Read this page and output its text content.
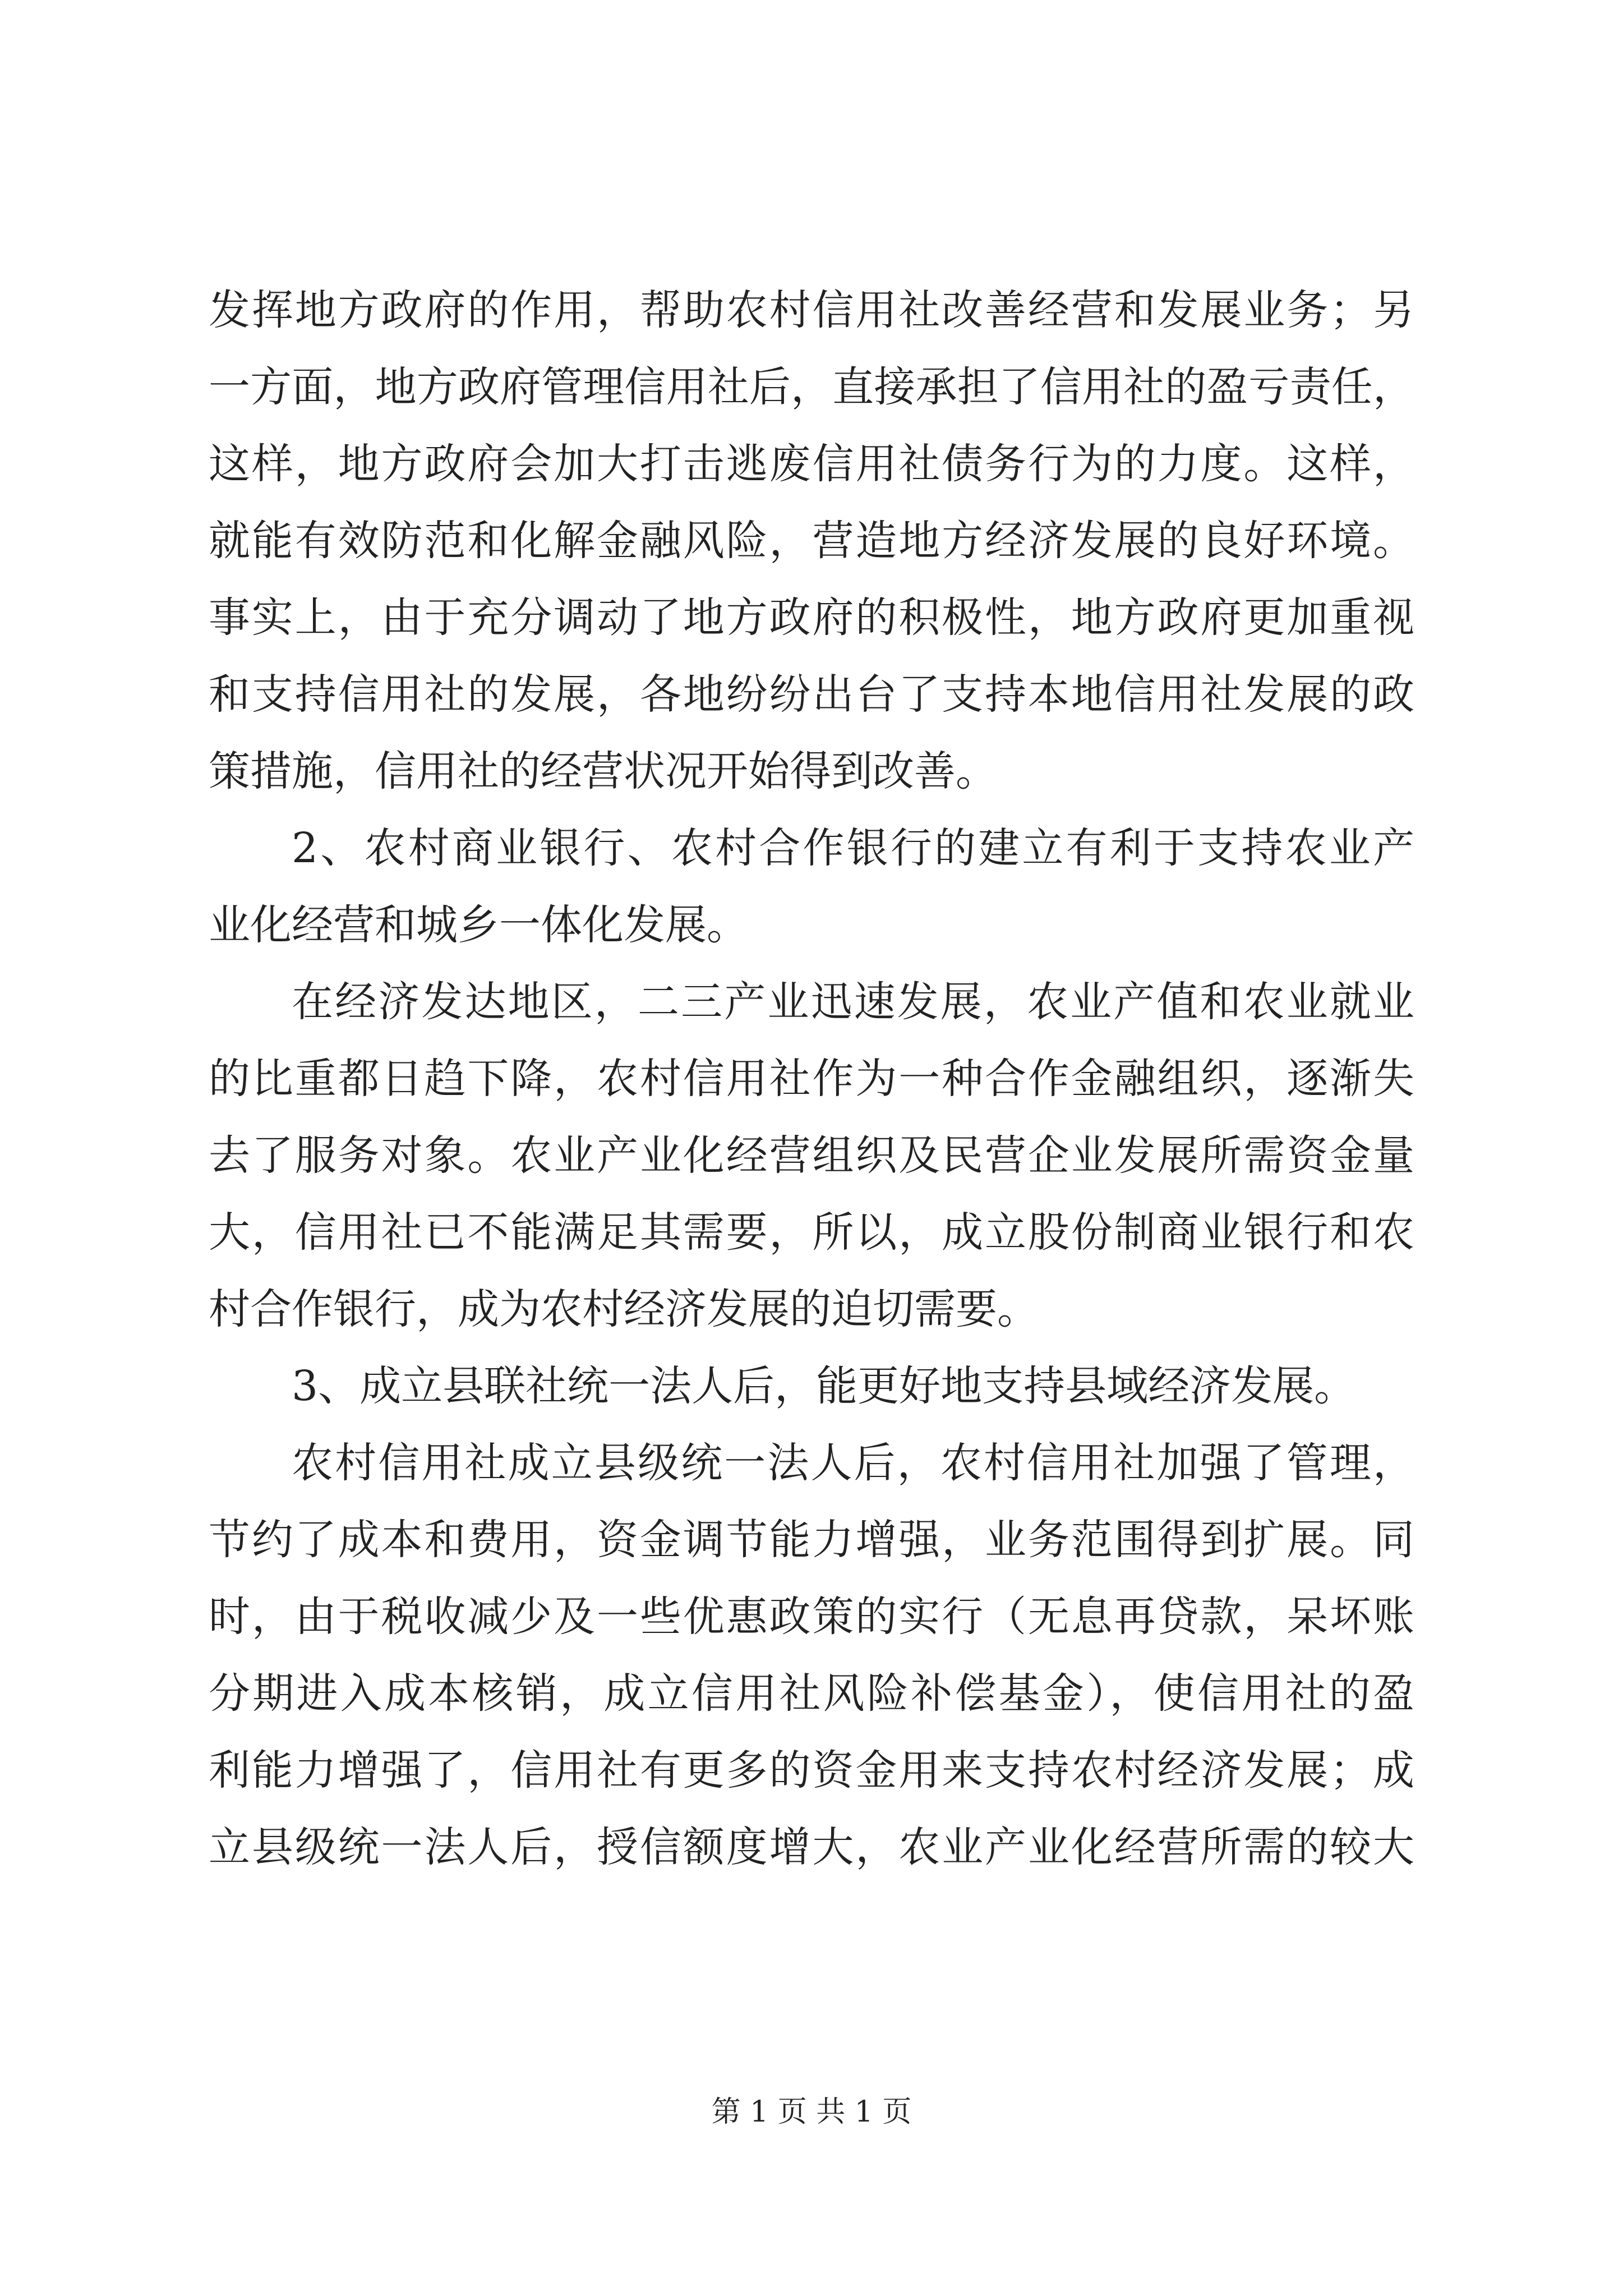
发挥地方政府的作用，帮助农村信用社改善经营和发展业务；另
一方面，地方政府管理信用社后，直接承担了信用社的盈亏责任，
这样，地方政府会加大打击逃废信用社债务行为的力度。这样，
就能有效防范和化解金融风险，营造地方经济发展的良好环境。
事实上，由于充分调动了地方政府的积极性，地方政府更加重视
和支持信用社的发展，各地纷纷出台了支持本地信用社发展的政
策措施，信用社的经营状况开始得到改善。
2、农村商业银行、农村合作银行的建立有利于支持农业产
业化经营和城乡一体化发展。
在经济发达地区，二三产业迅速发展，农业产值和农业就业
的比重都日趋下降，农村信用社作为一种合作金融组织，逐渐失
去了服务对象。农业产业化经营组织及民营企业发展所需资金量
大，信用社已不能满足其需要，所以，成立股份制商业银行和农
村合作银行，成为农村经济发展的迫切需要。
3、成立县联社统一法人后，能更好地支持县域经济发展。
农村信用社成立县级统一法人后，农村信用社加强了管理，
节约了成本和费用，资金调节能力增强，业务范围得到扩展。同
时，由于税收减少及一些优惠政策的实行（无息再贷款，呆坏账
分期进入成本核销，成立信用社风险补偿基金），使信用社的盈
利能力增强了，信用社有更多的资金用来支持农村经济发展；成
立县级统一法人后，授信额度增大，农业产业化经营所需的较大
第 1 页 共 1 页
